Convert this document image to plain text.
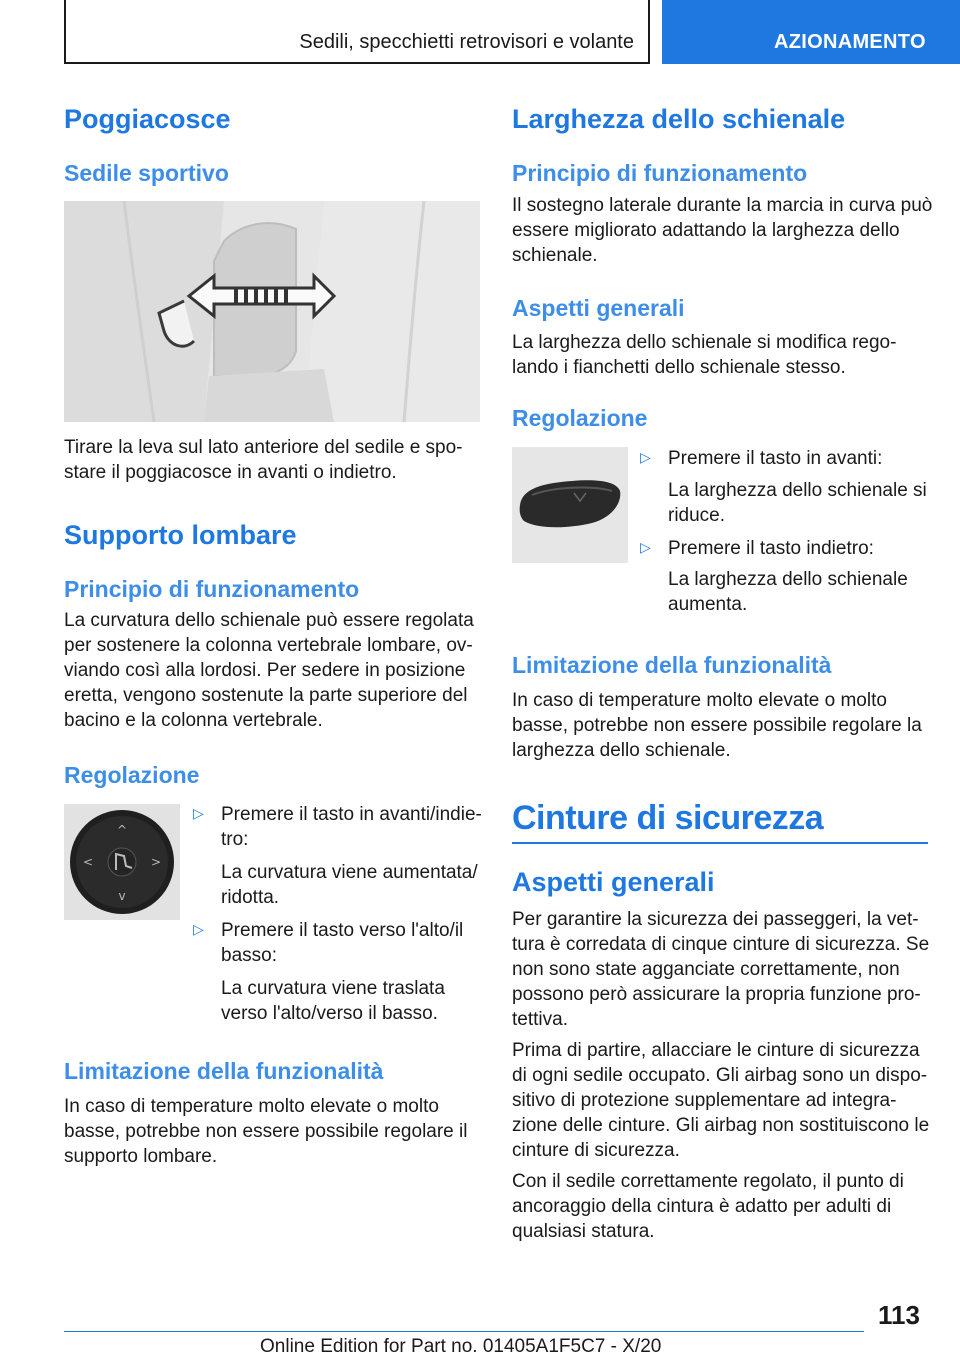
Sedili, specchietti retrovisori e volante	AZIONAMENTO
Poggiacosce
Sedile sportivo
Tirare la leva sul lato anteriore del sedile e spo-
stare il poggiacosce in avanti o indietro.
Supporto lombare
Principio di funzionamento
La curvatura dello schienale può essere regolata
per sostenere la colonna vertebrale lombare, ov-
viando così alla lordosi. Per sedere in posizione
eretta, vengono sostenute la parte superiore del
bacino e la colonna vertebrale.
Regolazione
^
<	>
v
▷ Premere il tasto in avanti/indie-
tro:
La curvatura viene aumentata/
ridotta.
▷ Premere il tasto verso l'alto/il
basso:
La curvatura viene traslata
verso l'alto/verso il basso.
Limitazione della funzionalità
In caso di temperature molto elevate o molto
basse, potrebbe non essere possibile regolare il
supporto lombare.
Larghezza dello schienale
Principio di funzionamento
Il sostegno laterale durante la marcia in curva può
essere migliorato adattando la larghezza dello
schienale.
Aspetti generali
La larghezza dello schienale si modifica rego-
lando i fianchetti dello schienale stesso.
Regolazione
▷ Premere il tasto in avanti:
La larghezza dello schienale si
riduce.
▷ Premere il tasto indietro:
La larghezza dello schienale
aumenta.
Limitazione della funzionalità
In caso di temperature molto elevate o molto
basse, potrebbe non essere possibile regolare la
larghezza dello schienale.
Cinture di sicurezza
Aspetti generali
Per garantire la sicurezza dei passeggeri, la vet-
tura è corredata di cinque cinture di sicurezza. Se
non sono state agganciate correttamente, non
possono però assicurare la propria funzione pro-
tettiva.
Prima di partire, allacciare le cinture di sicurezza
di ogni sedile occupato. Gli airbag sono un dispo-
sitivo di protezione supplementare ad integra-
zione delle cinture. Gli airbag non sostituiscono le
cinture di sicurezza.
Con il sedile correttamente regolato, il punto di
ancoraggio della cintura è adatto per adulti di
qualsiasi statura.
113
Online Edition for Part no. 01405A1F5C7 - X/20
